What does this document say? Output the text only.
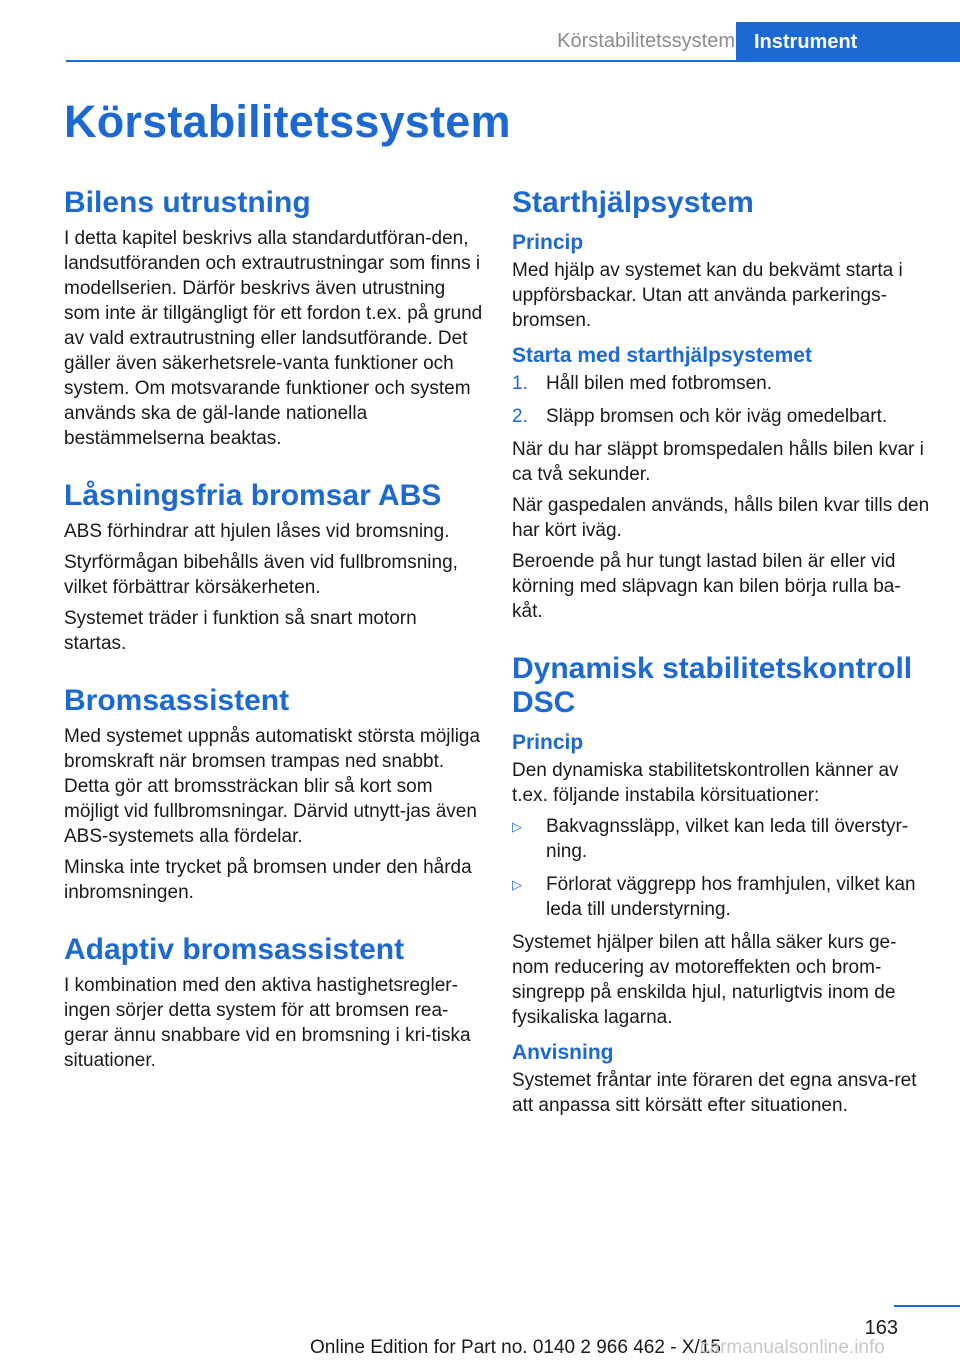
Körstabilitetssystem Instrument
Körstabilitetssystem
Bilens utrustning

I detta kapitel beskrivs alla standardutföran‐den, landsutföranden och extrautrustningar som finns i modellserien. Därför beskrivs även utrustning som inte är tillgängligt för ett fordon t.ex. på grund av vald extrautrustning eller landsutförande. Det gäller även säkerhetsrele‐vanta funktioner och system. Om motsvarande funktioner och system används ska de gäl‐lande nationella bestämmelserna beaktas.

Låsningsfria bromsar ABS

ABS förhindrar att hjulen låses vid bromsning.

Styrförmågan bibehålls även vid fullbromsning, vilket förbättrar körsäkerheten.

Systemet träder i funktion så snart motorn startas.

Bromsassistent

Med systemet uppnås automatiskt största möjliga bromskraft när bromsen trampas ned snabbt. Detta gör att bromssträckan blir så kort som möjligt vid fullbromsningar. Därvid utnytt‐jas även ABS-systemets alla fördelar.

Minska inte trycket på bromsen under den hårda inbromsningen.

Adaptiv bromsassistent

I kombination med den aktiva hastighetsregler‐ingen sörjer detta system för att bromsen rea‐gerar ännu snabbare vid en bromsning i kri‐tiska situationer.

Starthjälpsystem
Princip

Med hjälp av systemet kan du bekvämt starta i uppförsbackar. Utan att använda parkerings‐bromsen.

Starta med starthjälpsystemet
1. Håll bilen med fotbromsen.
2. Släpp bromsen och kör iväg omedelbart.

När du har släppt bromspedalen hålls bilen kvar i ca två sekunder.

När gaspedalen används, hålls bilen kvar tills den har kört iväg.

Beroende på hur tungt lastad bilen är eller vid körning med släpvagn kan bilen börja rulla ba‐kåt.

Dynamisk stabilitetskontroll DSC
Princip

Den dynamiska stabilitetskontrollen känner av t.ex. följande instabila körsituationer:

▷	Bakvagnssläpp, vilket kan leda till överstyr‐ning.
▷	Förlorat väggrepp hos framhjulen, vilket kan leda till understyrning.

Systemet hjälper bilen att hålla säker kurs ge‐nom reducering av motoreffekten och brom‐singrepp på enskilda hjul, naturligtvis inom de fysikaliska lagarna.

Anvisning

Systemet fråntar inte föraren det egna ansva‐ret att anpassa sitt körsätt efter situationen.

163
Online Edition for Part no. 0140 2 966 462 - X/15
carmanualsonline.info
